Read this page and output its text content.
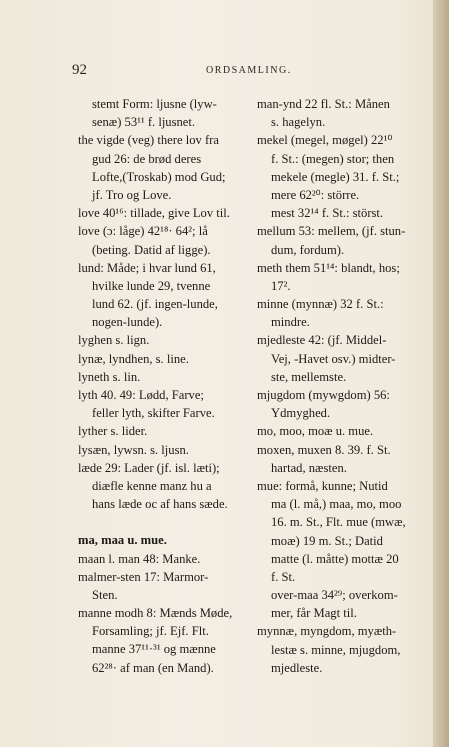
92	ORDSAMLING.
stemt Form: ljusne (lyw-
senæ) 53¹¹ f. ljusnet.
the vigde (veg) there lov fra
gud 26: de brød deres
Lofte,(Troskab) mod Gud;
jf. Tro og Love.
love 40¹⁶: tillade, give Lov til.
love (ɔ: låge) 42¹⁸· 64²; lå
(beting. Datid af ligge).
lund: Måde; i hvar lund 61,
hvilke lunde 29, tvenne
lund 62. (jf. ingen-lunde,
nogen-lunde).
lyghen s. lign.
lynæ, lyndhen, s. line.
lyneth s. lin.
lyth 40. 49: Lødd, Farve;
feller lyth, skifter Farve.
lyther s. lider.
lysæn, lywsn. s. ljusn.
læde 29: Lader (jf. isl. læti);
diæfle kenne manz hu a
hans læde oc af hans sæde.
ma, maa u. mue.
maan l. man 48: Manke.
malmer-sten 17: Marmor-
Sten.
manne modh 8: Mænds Møde,
Forsamling; jf. Ejf. Flt.
manne 37¹¹·³¹ og mænne
62²⁸· af man (en Mand).
man-ynd 22 fl. St.: Månen
s. hagelyn.
mekel (megel, møgel) 22¹⁰
f. St.: (megen) stor; then
mekele (megle) 31. f. St.;
mere 62²⁰: större.
mest 32¹⁴ f. St.: störst.
mellum 53: mellem, (jf. stun-
dum, fordum).
meth them 51¹⁴: blandt, hos;
17².
minne (mynnæ) 32 f. St.:
mindre.
mjedleste 42: (jf. Middel-
Vej, -Havet osv.) midter-
ste, mellemste.
mjugdom (mywgdom) 56:
Ydmyghed.
mo, moo, moæ u. mue.
moxen, muxen 8. 39. f. St.
hartad, næsten.
mue: formå, kunne; Nutid
ma (l. må,) maa, mo, moo
16. m. St., Flt. mue (mwæ,
moæ) 19 m. St.; Datid
matte (l. måtte) mottæ 20
f. St.
over-maa 34²⁹; overkom-
mer, får Magt til.
mynnæ, myngdom, myæth-
lestæ s. minne, mjugdom,
mjedleste.
